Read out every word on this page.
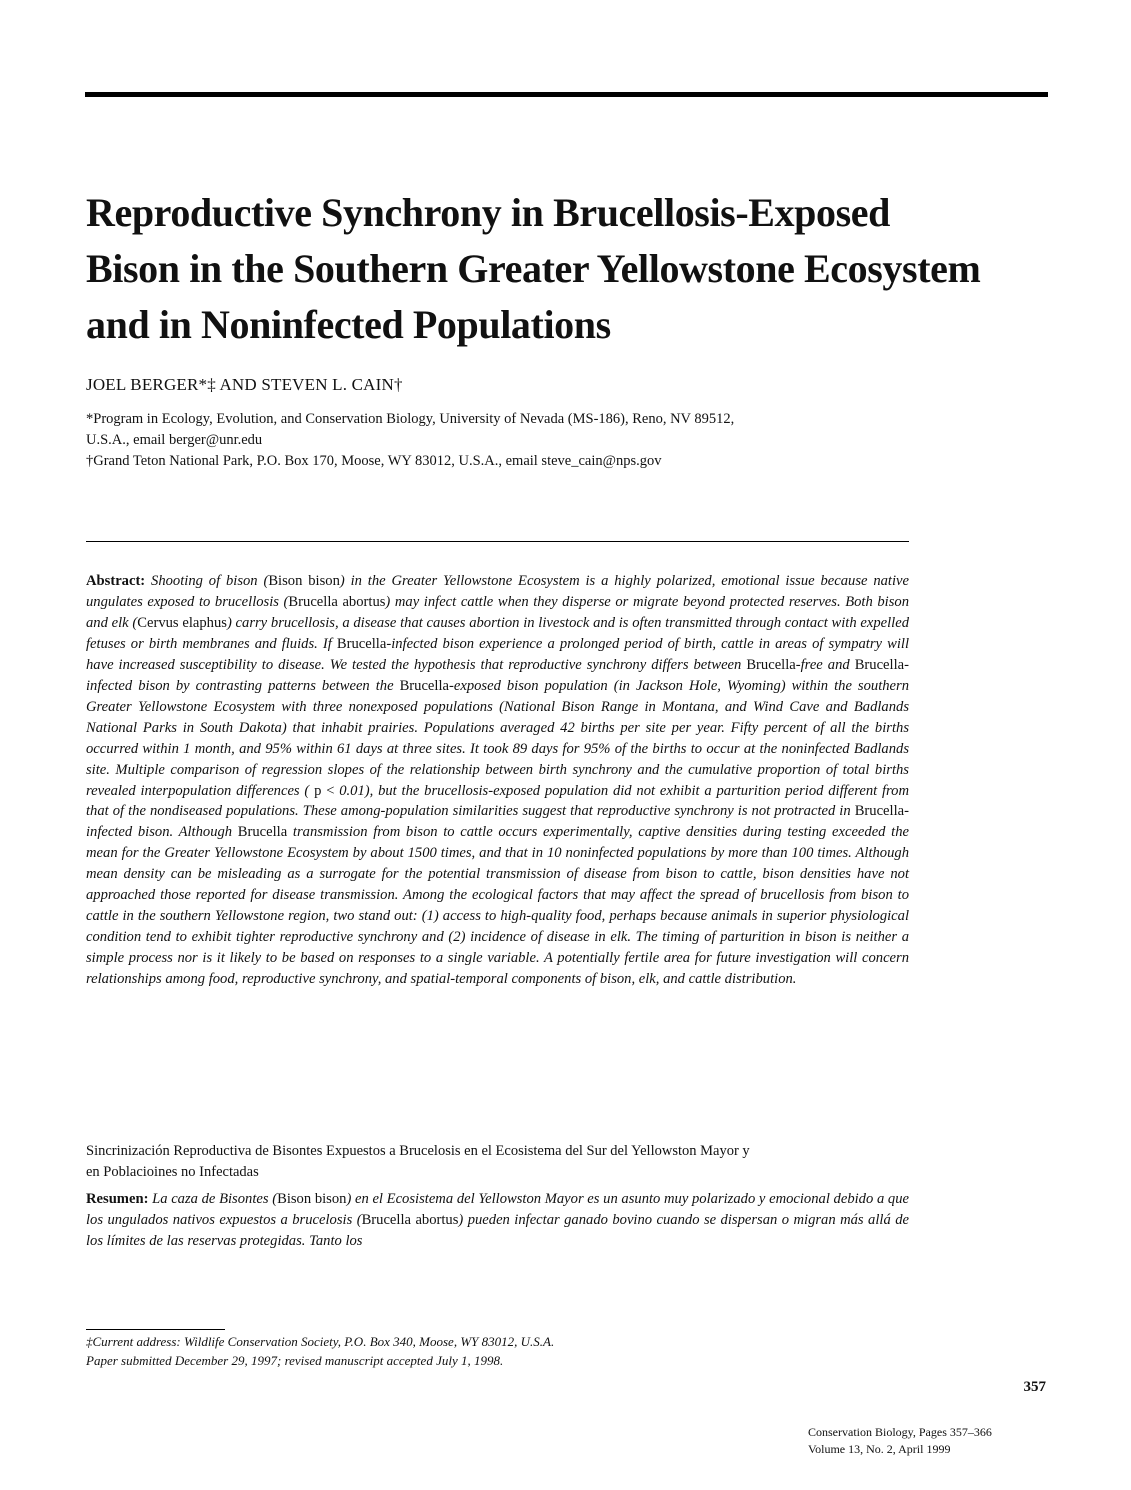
Reproductive Synchrony in Brucellosis-Exposed
Bison in the Southern Greater Yellowstone Ecosystem
and in Noninfected Populations
JOEL BERGER*‡ AND STEVEN L. CAIN†
*Program in Ecology, Evolution, and Conservation Biology, University of Nevada (MS-186), Reno, NV 89512,
U.S.A., email berger@unr.edu
†Grand Teton National Park, P.O. Box 170, Moose, WY 83012, U.S.A., email steve_cain@nps.gov

Abstract: Shooting of bison (Bison bison) in the Greater Yellowstone Ecosystem is a highly polarized, emotional issue because native ungulates exposed to brucellosis (Brucella abortus) may infect cattle when they disperse or migrate beyond protected reserves. Both bison and elk (Cervus elaphus) carry brucellosis, a disease that causes abortion in livestock and is often transmitted through contact with expelled fetuses or birth membranes and fluids. If Brucella-infected bison experience a prolonged period of birth, cattle in areas of sympatry will have increased susceptibility to disease. We tested the hypothesis that reproductive synchrony differs between Brucella-free and Brucella-infected bison by contrasting patterns between the Brucella-exposed bison population (in Jackson Hole, Wyoming) within the southern Greater Yellowstone Ecosystem with three nonexposed populations (National Bison Range in Montana, and Wind Cave and Badlands National Parks in South Dakota) that inhabit prairies. Populations averaged 42 births per site per year. Fifty percent of all the births occurred within 1 month, and 95% within 61 days at three sites. It took 89 days for 95% of the births to occur at the noninfected Badlands site. Multiple comparison of regression slopes of the relationship between birth synchrony and the cumulative proportion of total births revealed interpopulation differences ( p < 0.01), but the brucellosis-exposed population did not exhibit a parturition period different from that of the nondiseased populations. These among-population similarities suggest that reproductive synchrony is not protracted in Brucella-infected bison. Although Brucella transmission from bison to cattle occurs experimentally, captive densities during testing exceeded the mean for the Greater Yellowstone Ecosystem by about 1500 times, and that in 10 noninfected populations by more than 100 times. Although mean density can be misleading as a surrogate for the potential transmission of disease from bison to cattle, bison densities have not approached those reported for disease transmission. Among the ecological factors that may affect the spread of brucellosis from bison to cattle in the southern Yellowstone region, two stand out: (1) access to high-quality food, perhaps because animals in superior physiological condition tend to exhibit tighter reproductive synchrony and (2) incidence of disease in elk. The timing of parturition in bison is neither a simple process nor is it likely to be based on responses to a single variable. A potentially fertile area for future investigation will concern relationships among food, reproductive synchrony, and spatial-temporal components of bison, elk, and cattle distribution.

Sincrinización Reproductiva de Bisontes Expuestos a Brucelosis en el Ecosistema del Sur del Yellowston Mayor y
en Poblacioines no Infectadas

Resumen: La caza de Bisontes (Bison bison) en el Ecosistema del Yellowston Mayor es un asunto muy polarizado y emocional debido a que los ungulados nativos expuestos a brucelosis (Brucella abortus) pueden infectar ganado bovino cuando se dispersan o migran más allá de los límites de las reservas protegidas. Tanto los

‡Current address: Wildlife Conservation Society, P.O. Box 340, Moose, WY 83012, U.S.A.
Paper submitted December 29, 1997; revised manuscript accepted July 1, 1998.
357
Conservation Biology, Pages 357–366
Volume 13, No. 2, April 1999
